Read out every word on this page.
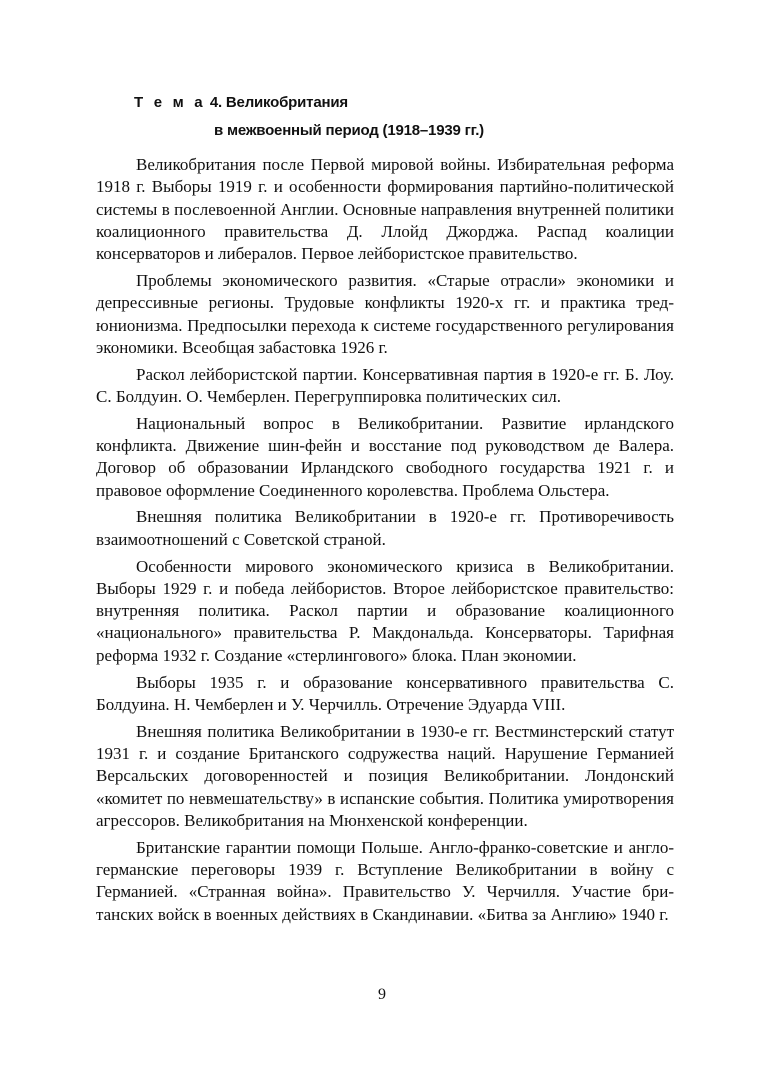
Т е м а 4. Великобритания
в межвоенный период (1918–1939 гг.)

Великобритания после Первой мировой войны. Избирательная реформа 1918 г. Выборы 1919 г. и особенности формирования партийно-политической системы в послевоенной Англии. Основные направления внутренней политики коалиционного правительства Д. Ллойд Джорджа. Распад коалиции консерваторов и либералов. Первое лейбористское правительство.

Проблемы экономического развития. «Старые отрасли» экономики и депрессивные регионы. Трудовые конфликты 1920-х гг. и практика тредюнионизма. Предпосылки перехода к системе государственного регулирования экономики. Всеобщая забастовка 1926 г.

Раскол лейбористской партии. Консервативная партия в 1920-е гг. Б. Лоу. С. Болдуин. О. Чемберлен. Перегруппировка политических сил.

Национальный вопрос в Великобритании. Развитие ирландского конфликта. Движение шин-фейн и восстание под руководством де Валера. Договор об образовании Ирландского свободного государства 1921 г. и правовое оформление Соединенного королевства. Проблема Ольстера.

Внешняя политика Великобритании в 1920-е гг. Противоречивость взаимоотношений с Советской страной.

Особенности мирового экономического кризиса в Великобритании. Выборы 1929 г. и победа лейбористов. Второе лейбористское правительство: внутренняя политика. Раскол партии и образование коалиционного «национального» правительства Р. Макдональда. Консерваторы. Тарифная реформа 1932 г. Создание «стерлингового» блока. План экономии.

Выборы 1935 г. и образование консервативного правительства С. Болдуина. Н. Чемберлен и У. Черчилль. Отречение Эдуарда VIII.

Внешняя политика Великобритании в 1930-е гг. Вестминстерский статут 1931 г. и создание Британского содружества наций. Нарушение Германией Версальских договоренностей и позиция Великобритании. Лондонский «комитет по невмешательству» в испанские события. Политика умиротворения агрессоров. Великобритания на Мюнхенской конференции.

Британские гарантии помощи Польше. Англо-франко-советские и англо-германские переговоры 1939 г. Вступление Великобритании в войну с Германией. «Странная война». Правительство У. Черчилля. Участие британских войск в военных действиях в Скандинавии. «Битва за Англию» 1940 г.

9
